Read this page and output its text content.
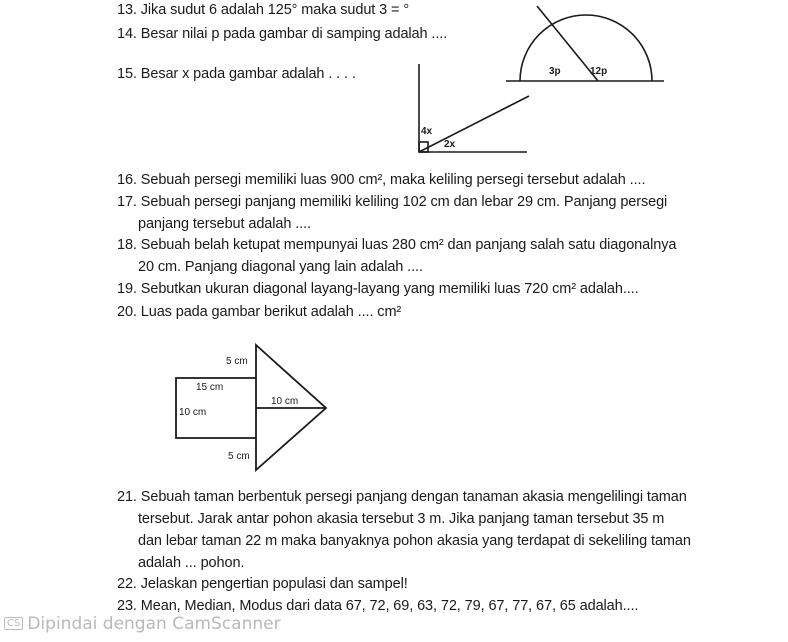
13. Jika sudut 6 adalah 125° maka sudut 3 = °
14. Besar nilai p pada gambar di samping adalah ....
15. Besar x pada gambar adalah . . . .	3p	12p
4x
2x
5 cm
15 cm
10 cm
10 cm
5 cm
16. Sebuah persegi memiliki luas 900 cm², maka keliling persegi tersebut adalah ....
17. Sebuah persegi panjang memiliki keliling 102 cm dan lebar 29 cm. Panjang persegi
panjang tersebut adalah ....
18. Sebuah belah ketupat mempunyai luas 280 cm² dan panjang salah satu diagonalnya
20 cm. Panjang diagonal yang lain adalah ....
19. Sebutkan ukuran diagonal layang-layang yang memiliki luas 720 cm² adalah....
20. Luas pada gambar berikut adalah .... cm²
21. Sebuah taman berbentuk persegi panjang dengan tanaman akasia mengelilingi taman
tersebut. Jarak antar pohon akasia tersebut 3 m. Jika panjang taman tersebut 35 m
dan lebar taman 22 m maka banyaknya pohon akasia yang terdapat di sekeliling taman
adalah ... pohon.
22. Jelaskan pengertian populasi dan sampel!
23. Mean, Median, Modus dari data 67, 72, 69, 63, 72, 79, 67, 77, 67, 65 adalah....
CS Dipindai dengan CamScanner
